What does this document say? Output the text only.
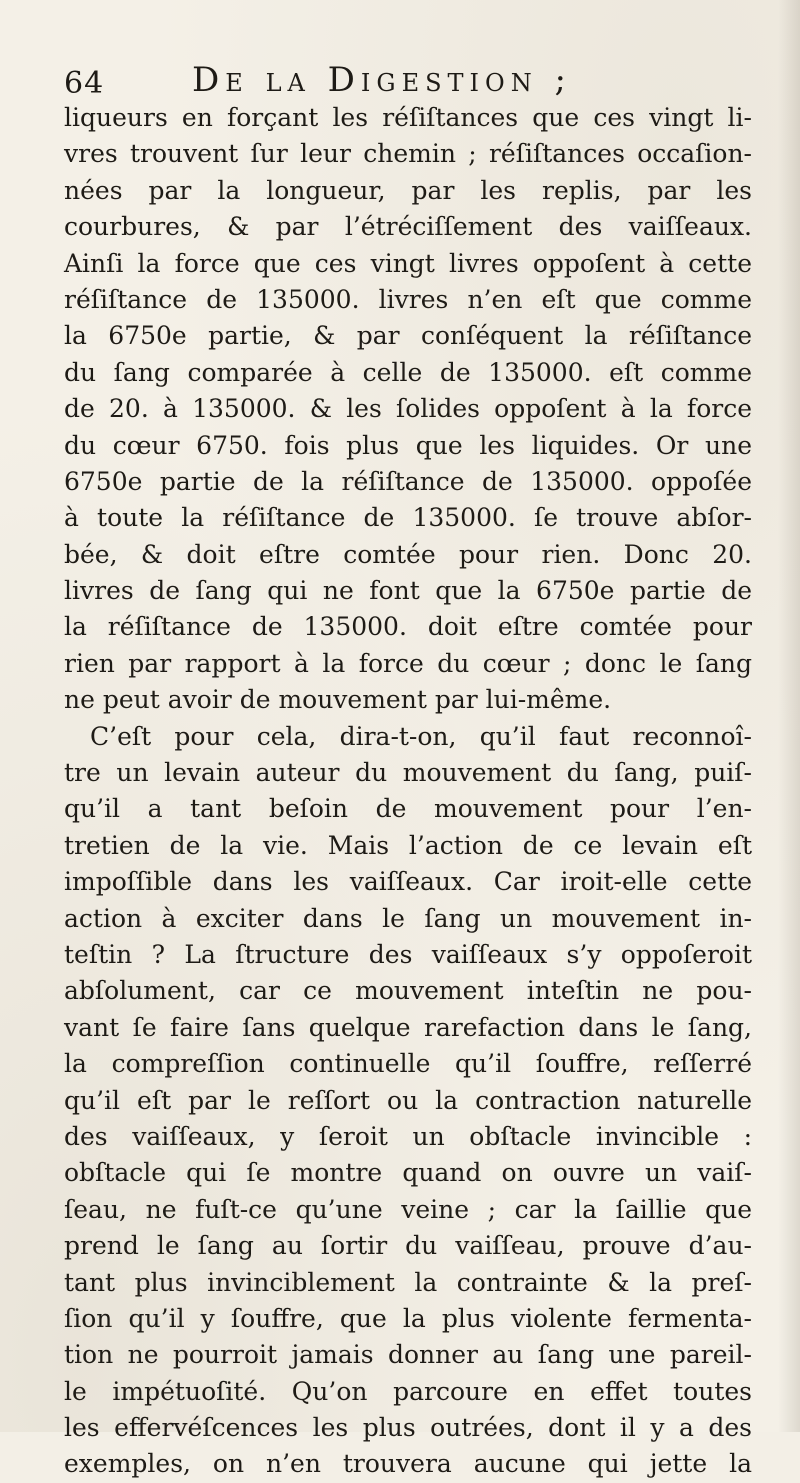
64	De la Digestion ;
liqueurs en forçant les réſiſtances que ces vingt li-
vres trouvent ſur leur chemin ; réſiſtances occaſion-
nées par la longueur, par les replis, par les
courbures, & par l’étréciſſement des vaiſſeaux.
Ainſi la force que ces vingt livres oppoſent à cette
réſiſtance de 135000. livres n’en eſt que comme
la 6750e partie, & par conſéquent la réſiſtance
du ſang comparée à celle de 135000. eſt comme
de 20. à 135000. & les ſolides oppoſent à la force
du cœur 6750. fois plus que les liquides. Or une
6750e partie de la réſiſtance de 135000. oppoſée
à toute la réſiſtance de 135000. ſe trouve abſor-
bée, & doit eſtre comtée pour rien. Donc 20.
livres de ſang qui ne font que la 6750e partie de
la réſiſtance de 135000. doit eſtre comtée pour
rien par rapport à la force du cœur ; donc le ſang
ne peut avoir de mouvement par lui-même.
C’eſt pour cela, dira-t-on, qu’il faut reconnoî-
tre un levain auteur du mouvement du ſang, puiſ-
qu’il a tant beſoin de mouvement pour l’en-
tretien de la vie. Mais l’action de ce levain eſt
impoſſible dans les vaiſſeaux. Car iroit-elle cette
action à exciter dans le ſang un mouvement in-
teſtin ? La ſtructure des vaiſſeaux s’y oppoſeroit
abſolument, car ce mouvement inteſtin ne pou-
vant ſe faire ſans quelque rarefaction dans le ſang,
la compreſſion continuelle qu’il ſouffre, reſſerré
qu’il eſt par le reſſort ou la contraction naturelle
des vaiſſeaux, y ſeroit un obſtacle invincible :
obſtacle qui ſe montre quand on ouvre un vaiſ-
ſeau, ne fuſt-ce qu’une veine ; car la ſaillie que
prend le ſang au ſortir du vaiſſeau, prouve d’au-
tant plus invinciblement la contrainte & la preſ-
ſion qu’il y ſouffre, que la plus violente fermenta-
tion ne pourroit jamais donner au ſang une pareil-
le impétuoſité. Qu’on parcoure en effet toutes
les effervéſcences les plus outrées, dont il y a des
exemples, on n’en trouvera aucune qui jette la
